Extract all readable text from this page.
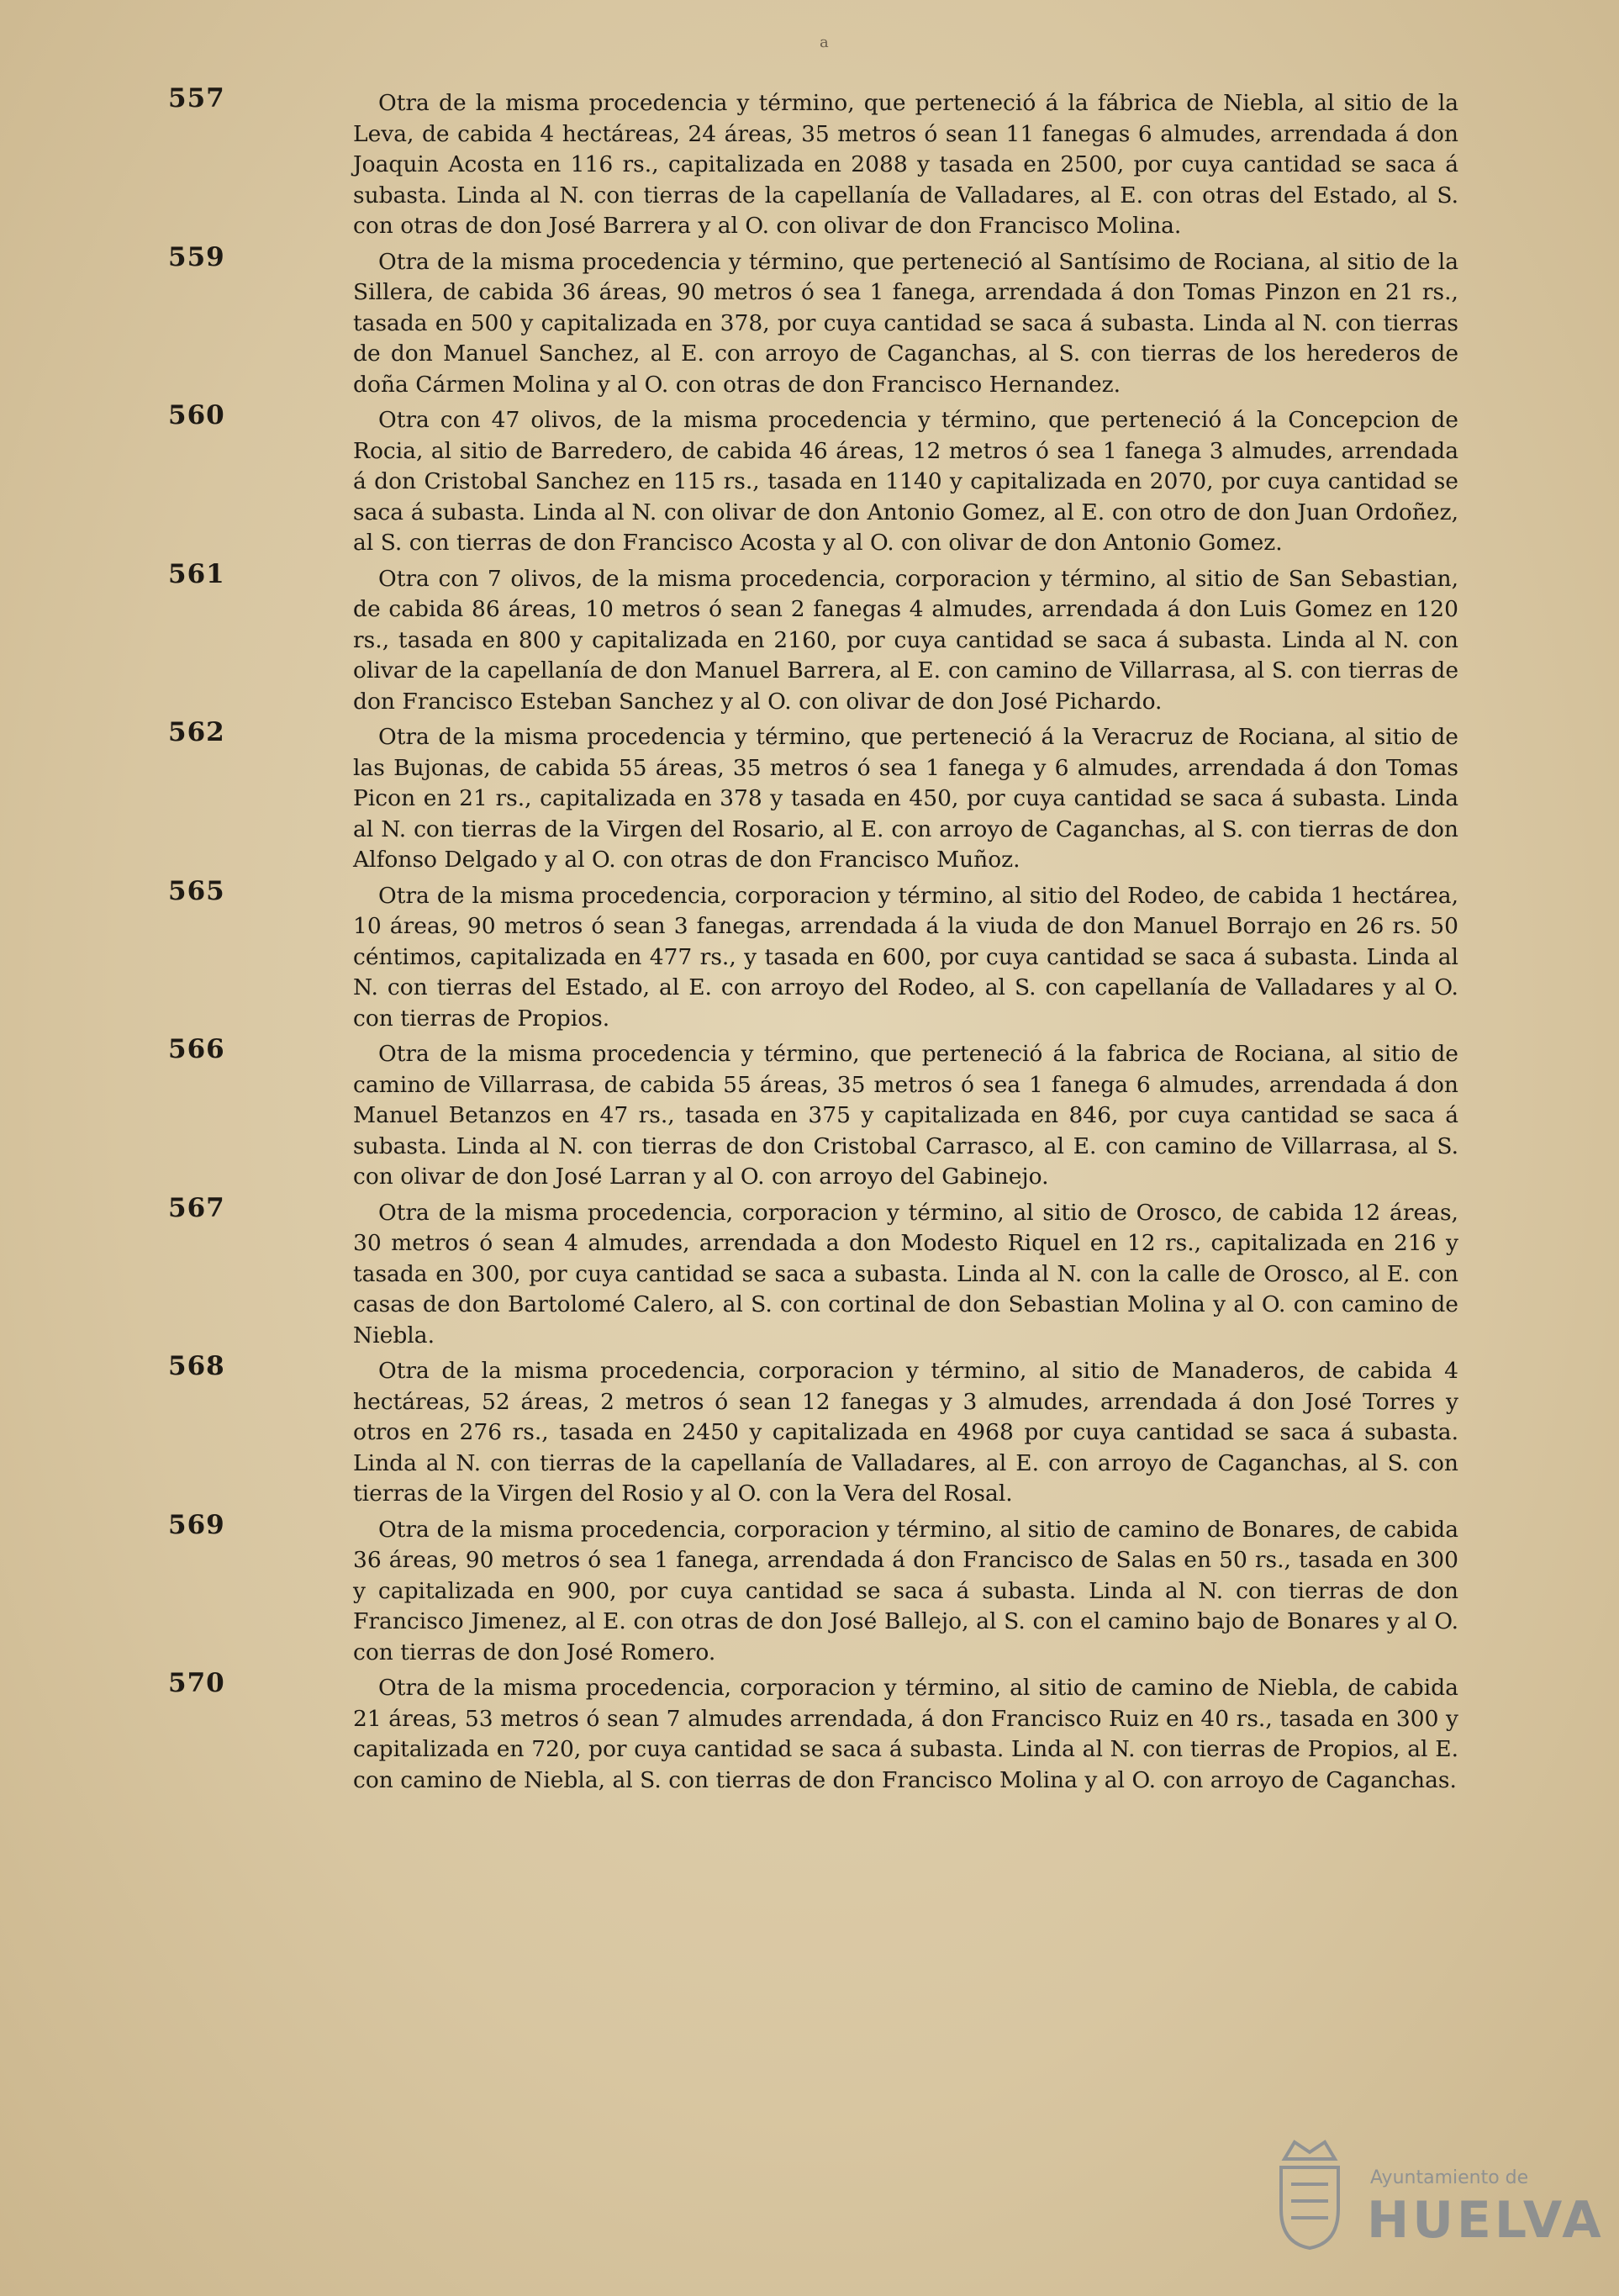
a
557	Otra de la misma procedencia y término, que perteneció á la fábrica de Niebla, al sitio de la Leva, de cabida 4 hectáreas, 24 áreas, 35 metros ó sean 11 fanegas 6 almudes, arrendada á don Joaquin Acosta en 116 rs., capitalizada en 2088 y tasada en 2500, por cuya cantidad se saca á subasta. Linda al N. con tierras de la capellanía de Valladares, al E. con otras del Estado, al S. con otras de don José Barrera y al O. con olivar de don Francisco Molina.

559	Otra de la misma procedencia y término, que perteneció al Santísimo de Rociana, al sitio de la Sillera, de cabida 36 áreas, 90 metros ó sea 1 fanega, arrendada á don Tomas Pinzon en 21 rs., tasada en 500 y capitalizada en 378, por cuya cantidad se saca á subasta. Linda al N. con tierras de don Manuel Sanchez, al E. con arroyo de Caganchas, al S. con tierras de los herederos de doña Cármen Molina y al O. con otras de don Francisco Hernandez.

560	Otra con 47 olivos, de la misma procedencia y término, que perteneció á la Concepcion de Rocia, al sitio de Barredero, de cabida 46 áreas, 12 metros ó sea 1 fanega 3 almudes, arrendada á don Cristobal Sanchez en 115 rs., tasada en 1140 y capitalizada en 2070, por cuya cantidad se saca á subasta. Linda al N. con olivar de don Antonio Gomez, al E. con otro de don Juan Ordoñez, al S. con tierras de don Francisco Acosta y al O. con olivar de don Antonio Gomez.

561	Otra con 7 olivos, de la misma procedencia, corporacion y término, al sitio de San Sebastian, de cabida 86 áreas, 10 metros ó sean 2 fanegas 4 almudes, arrendada á don Luis Gomez en 120 rs., tasada en 800 y capitalizada en 2160, por cuya cantidad se saca á subasta. Linda al N. con olivar de la capellanía de don Manuel Barrera, al E. con camino de Villarrasa, al S. con tierras de don Francisco Esteban Sanchez y al O. con olivar de don José Pichardo.

562	Otra de la misma procedencia y término, que perteneció á la Veracruz de Rociana, al sitio de las Bujonas, de cabida 55 áreas, 35 metros ó sea 1 fanega y 6 almudes, arrendada á don Tomas Picon en 21 rs., capitalizada en 378 y tasada en 450, por cuya cantidad se saca á subasta. Linda al N. con tierras de la Virgen del Rosario, al E. con arroyo de Caganchas, al S. con tierras de don Alfonso Delgado y al O. con otras de don Francisco Muñoz.

565	Otra de la misma procedencia, corporacion y término, al sitio del Rodeo, de cabida 1 hectárea, 10 áreas, 90 metros ó sean 3 fanegas, arrendada á la viuda de don Manuel Borrajo en 26 rs. 50 céntimos, capitalizada en 477 rs., y tasada en 600, por cuya cantidad se saca á subasta. Linda al N. con tierras del Estado, al E. con arroyo del Rodeo, al S. con capellanía de Valladares y al O. con tierras de Propios.

566	Otra de la misma procedencia y término, que perteneció á la fabrica de Rociana, al sitio de camino de Villarrasa, de cabida 55 áreas, 35 metros ó sea 1 fanega 6 almudes, arrendada á don Manuel Betanzos en 47 rs., tasada en 375 y capitalizada en 846, por cuya cantidad se saca á subasta. Linda al N. con tierras de don Cristobal Carrasco, al E. con camino de Villarrasa, al S. con olivar de don José Larran y al O. con arroyo del Gabinejo.

567	Otra de la misma procedencia, corporacion y término, al sitio de Orosco, de cabida 12 áreas, 30 metros ó sean 4 almudes, arrendada a don Modesto Riquel en 12 rs., capitalizada en 216 y tasada en 300, por cuya cantidad se saca a subasta. Linda al N. con la calle de Orosco, al E. con casas de don Bartolomé Calero, al S. con cortinal de don Sebastian Molina y al O. con camino de Niebla.

568	Otra de la misma procedencia, corporacion y término, al sitio de Manaderos, de cabida 4 hectáreas, 52 áreas, 2 metros ó sean 12 fanegas y 3 almudes, arrendada á don José Torres y otros en 276 rs., tasada en 2450 y capitalizada en 4968 por cuya cantidad se saca á subasta. Linda al N. con tierras de la capellanía de Valladares, al E. con arroyo de Caganchas, al S. con tierras de la Virgen del Rosio y al O. con la Vera del Rosal.

569	Otra de la misma procedencia, corporacion y término, al sitio de camino de Bonares, de cabida 36 áreas, 90 metros ó sea 1 fanega, arrendada á don Francisco de Salas en 50 rs., tasada en 300 y capitalizada en 900, por cuya cantidad se saca á subasta. Linda al N. con tierras de don Francisco Jimenez, al E. con otras de don José Ballejo, al S. con el camino bajo de Bonares y al O. con tierras de don José Romero.

570	Otra de la misma procedencia, corporacion y término, al sitio de camino de Niebla, de cabida 21 áreas, 53 metros ó sean 7 almudes arrendada, á don Francisco Ruiz en 40 rs., tasada en 300 y capitalizada en 720, por cuya cantidad se saca á subasta. Linda al N. con tierras de Propios, al E. con camino de Niebla, al S. con tierras de don Francisco Molina y al O. con arroyo de Caganchas.

Ayuntamiento de
HUELVA
